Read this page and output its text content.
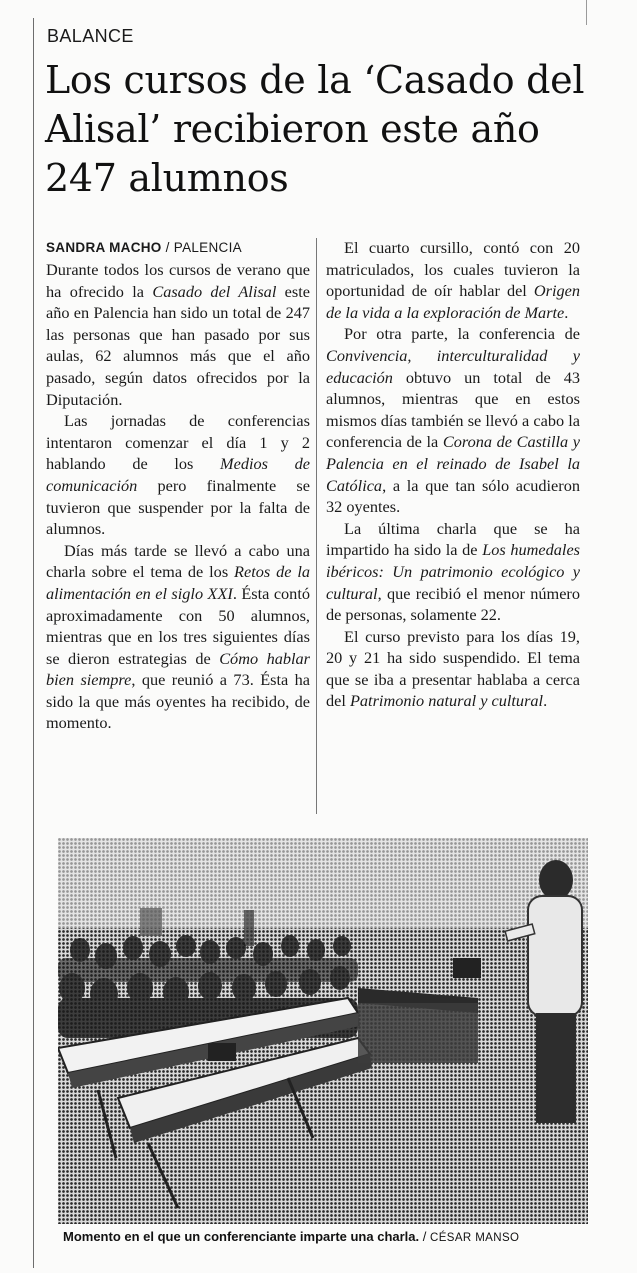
BALANCE
Los cursos de la ‘Casado del Alisal’ recibieron este año 247 alumnos
SANDRA MACHO / PALENCIA

Durante todos los cursos de verano que ha ofrecido la Casado del Alisal este año en Palencia han sido un total de 247 las personas que han pasado por sus aulas, 62 alumnos más que el año pasado, según datos ofrecidos por la Diputación.

Las jornadas de conferencias intentaron comenzar el día 1 y 2 hablando de los Medios de comunicación pero finalmente se tuvieron que suspender por la falta de alumnos.

Días más tarde se llevó a cabo una charla sobre el tema de los Retos de la alimentación en el siglo XXI. Ésta contó aproximadamente con 50 alumnos, mientras que en los tres siguientes días se dieron estrategias de Cómo hablar bien siempre, que reunió a 73. Ésta ha sido la que más oyentes ha recibido, de momento.

El cuarto cursillo, contó con 20 matriculados, los cuales tuvieron la oportunidad de oír hablar del Origen de la vida a la exploración de Marte.

Por otra parte, la conferencia de Convivencia, interculturalidad y educación obtuvo un total de 43 alumnos, mientras que en estos mismos días también se llevó a cabo la conferencia de la Corona de Castilla y Palencia en el reinado de Isabel la Católica, a la que tan sólo acudieron 32 oyentes.

La última charla que se ha impartido ha sido la de Los humedales ibéricos: Un patrimonio ecológico y cultural, que recibió el menor número de personas, solamente 22.

El curso previsto para los días 19, 20 y 21 ha sido suspendido. El tema que se iba a presentar hablaba a cerca del Patrimonio natural y cultural.

Momento en el que un conferenciante imparte una charla. / CÉSAR MANSO
